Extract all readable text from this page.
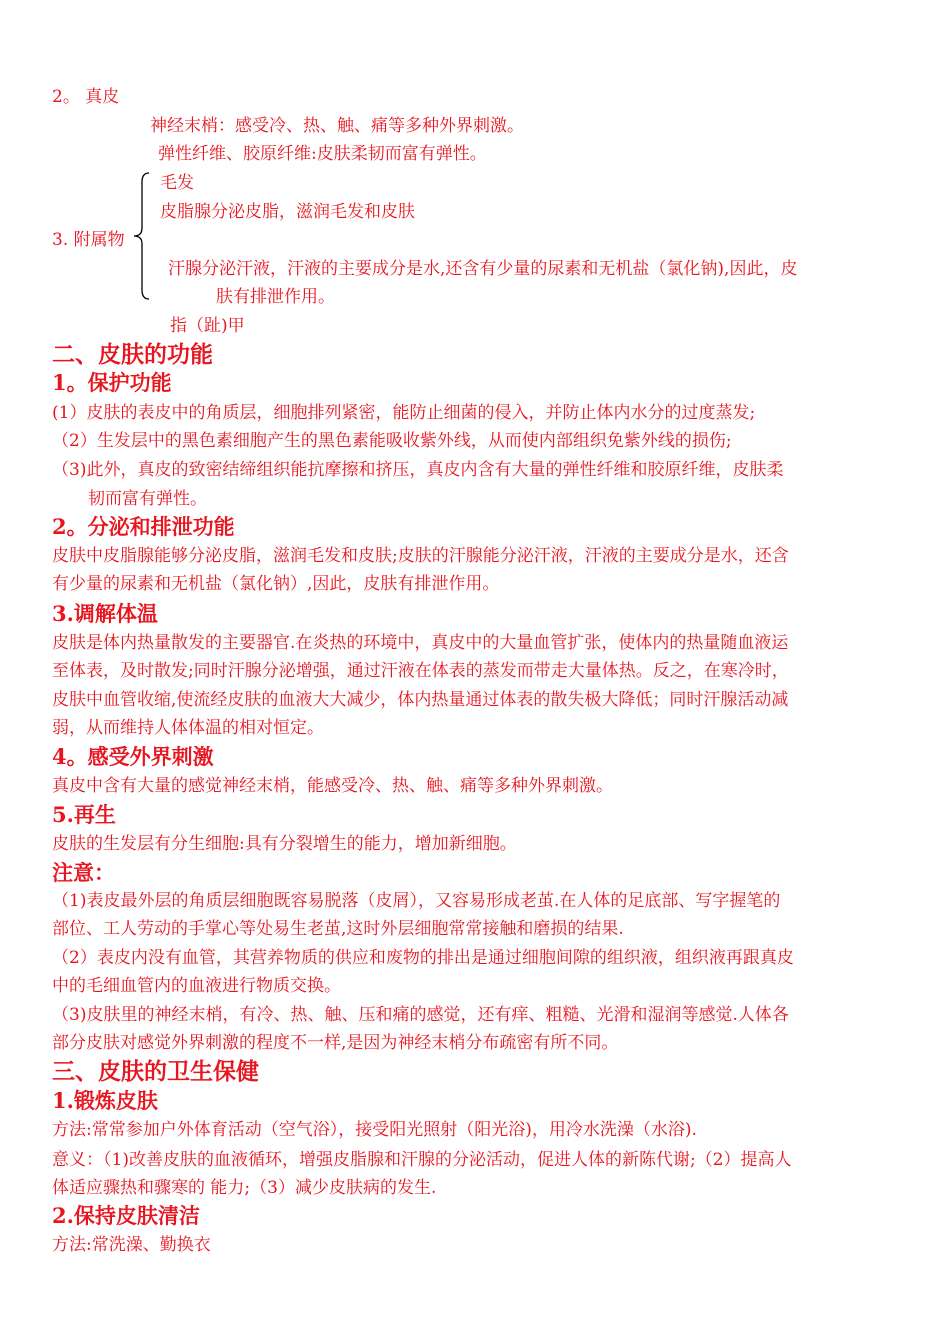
2。 真皮
神经末梢：感受冷、热、触、痛等多种外界刺激。
弹性纤维、胶原纤维:皮肤柔韧而富有弹性。
毛发
皮脂腺分泌皮脂，滋润毛发和皮肤
3. 附属物
汗腺分泌汗液，汗液的主要成分是水,还含有少量的尿素和无机盐（氯化钠),因此，皮
肤有排泄作用。
指（趾)甲
二、皮肤的功能
1。保护功能
(1）皮肤的表皮中的角质层，细胞排列紧密，能防止细菌的侵入，并防止体内水分的过度蒸发;
（2）生发层中的黑色素细胞产生的黑色素能吸收紫外线，从而使内部组织免紫外线的损伤;
（3)此外，真皮的致密结缔组织能抗摩擦和挤压，真皮内含有大量的弹性纤维和胶原纤维，皮肤柔
韧而富有弹性。
2。分泌和排泄功能
皮肤中皮脂腺能够分泌皮脂，滋润毛发和皮肤;皮肤的汗腺能分泌汗液，汗液的主要成分是水，还含
有少量的尿素和无机盐（氯化钠）,因此，皮肤有排泄作用。
3.调解体温
皮肤是体内热量散发的主要器官.在炎热的环境中，真皮中的大量血管扩张，使体内的热量随血液运
至体表，及时散发;同时汗腺分泌增强，通过汗液在体表的蒸发而带走大量体热。反之，在寒冷时，
皮肤中血管收缩,使流经皮肤的血液大大减少，体内热量通过体表的散失极大降低；同时汗腺活动减
弱，从而维持人体体温的相对恒定。
4。感受外界刺激
真皮中含有大量的感觉神经末梢，能感受冷、热、触、痛等多种外界刺激。
5.再生
皮肤的生发层有分生细胞:具有分裂增生的能力，增加新细胞。
注意：
（1)表皮最外层的角质层细胞既容易脱落（皮屑），又容易形成老茧.在人体的足底部、写字握笔的
部位、工人劳动的手掌心等处易生老茧,这时外层细胞常常接触和磨损的结果.
（2）表皮内没有血管，其营养物质的供应和废物的排出是通过细胞间隙的组织液，组织液再跟真皮
中的毛细血管内的血液进行物质交换。
（3)皮肤里的神经末梢，有冷、热、触、压和痛的感觉，还有痒、粗糙、光滑和湿润等感觉.人体各
部分皮肤对感觉外界刺激的程度不一样,是因为神经末梢分布疏密有所不同。
三、皮肤的卫生保健
1.锻炼皮肤
方法:常常参加户外体育活动（空气浴），接受阳光照射（阳光浴)，用冷水洗澡（水浴).
意义：（1)改善皮肤的血液循环，增强皮脂腺和汗腺的分泌活动，促进人体的新陈代谢;（2）提高人
体适应骤热和骤寒的 能力;（3）减少皮肤病的发生.
2.保持皮肤清洁
方法:常洗澡、勤换衣
